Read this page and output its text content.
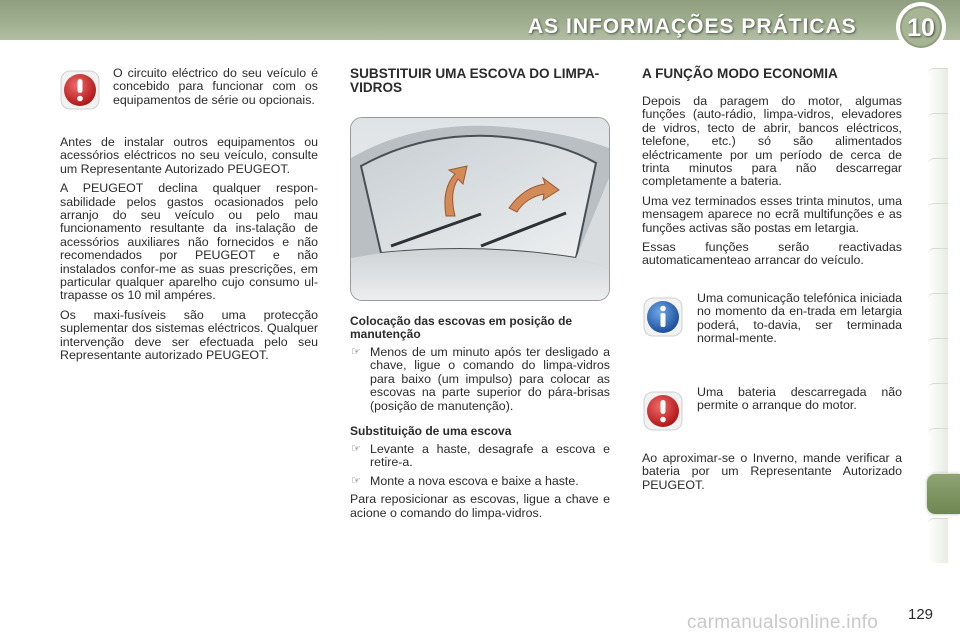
AS INFORMAÇÕES PRÁTICAS	10
O circuito eléctrico do seu veículo é concebido para funcionar com os equipamentos de série ou opcionais.

Antes de instalar outros equipamentos ou acessórios eléctricos no seu veículo, consulte um Representante Autorizado PEUGEOT.

A PEUGEOT declina qualquer respon-sabilidade pelos gastos ocasionados pelo arranjo do seu veículo ou pelo mau funcionamento resultante da ins-talação de acessórios auxiliares não fornecidos e não recomendados por PEUGEOT e não instalados confor-me as suas prescrições, em particular qualquer aparelho cujo consumo ul-trapasse os 10 mil ampéres.

Os maxi-fusíveis são uma protecção suplementar dos sistemas eléctricos. Qualquer intervenção deve ser efectuada pelo seu Representante autorizado PEUGEOT.

SUBSTITUIR UMA ESCOVA DO LIMPA-VIDROS
Colocação das escovas em posição de manutenção
☞ Menos de um minuto após ter desligado a chave, ligue o comando do limpa-vidros para baixo (um impulso) para colocar as escovas na parte superior do pára-brisas (posição de manutenção).
Substituição de uma escova
☞ Levante a haste, desagrafe a escova e retire-a.
☞ Monte a nova escova e baixe a haste.

Para reposicionar as escovas, ligue a chave e acione o comando do limpa-vidros.

A FUNÇÃO MODO ECONOMIA

Depois da paragem do motor, algumas funções (auto-rádio, limpa-vidros, elevadores de vidros, tecto de abrir, bancos eléctricos, telefone, etc.) só são alimentados eléctricamente por um período de cerca de trinta minutos para não descarregar completamente a bateria.

Uma vez terminados esses trinta minutos, uma mensagem aparece no ecrã multifunções e as funções activas são postas em letargia.

Essas funções serão reactivadas automaticamenteao arrancar do veículo.

Uma comunicação telefónica iniciada no momento da en-trada em letargia poderá, to-davia, ser terminada normal-mente.
Uma bateria descarregada não permite o arranque do motor.

Ao aproximar-se o Inverno, mande verificar a bateria por um Representante Autorizado PEUGEOT.

carmanualsonline.info 129
